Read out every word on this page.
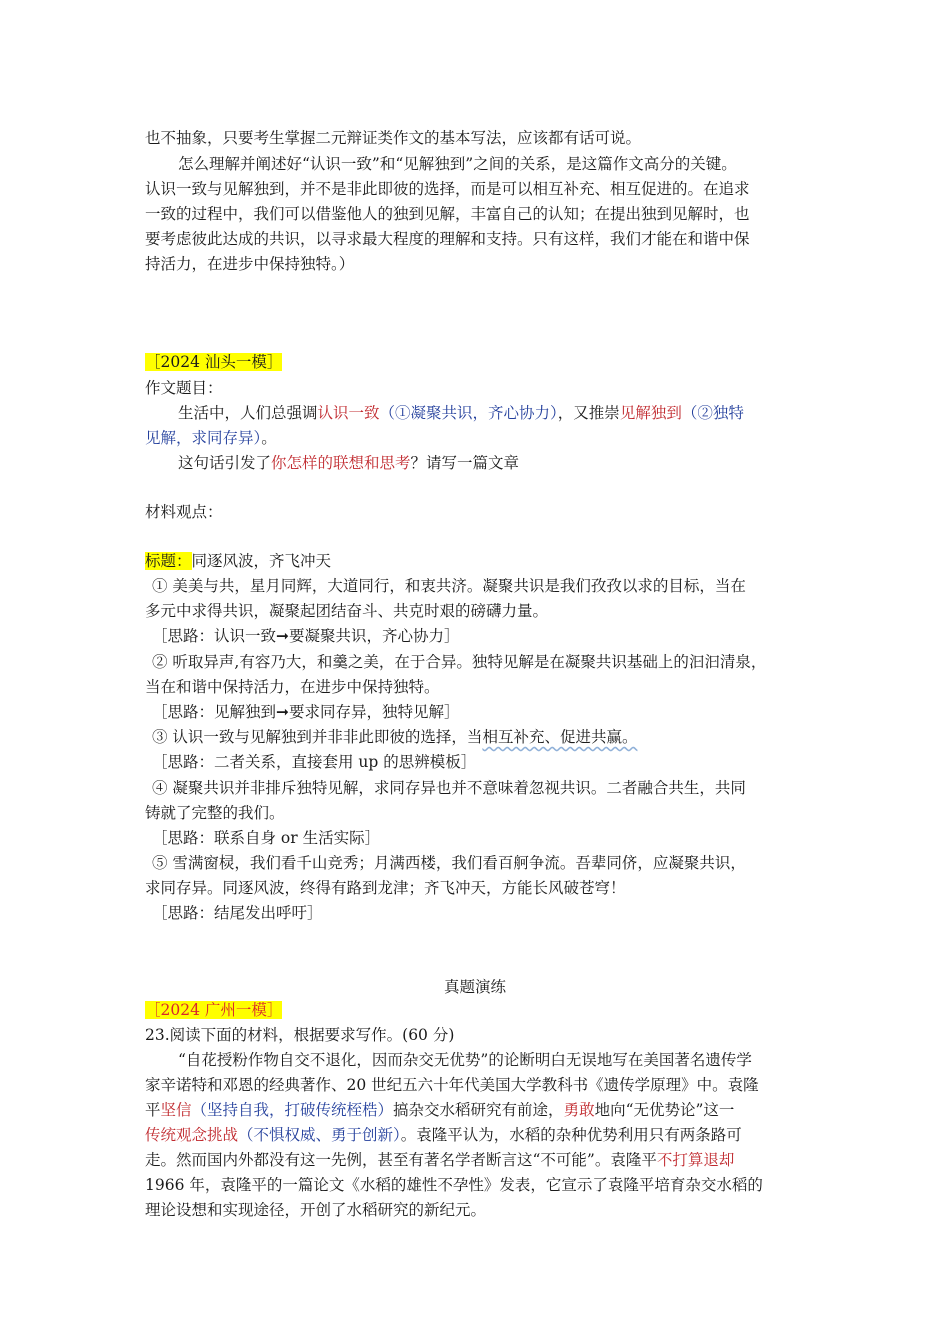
也不抽象，只要考生掌握二元辩证类作文的基本写法，应该都有话可说。
怎么理解并阐述好“认识一致”和“见解独到”之间的关系，是这篇作文高分的关键。
认识一致与见解独到，并不是非此即彼的选择，而是可以相互补充、相互促进的。在追求
一致的过程中，我们可以借鉴他人的独到见解，丰富自己的认知；在提出独到见解时，也
要考虑彼此达成的共识，以寻求最大程度的理解和支持。只有这样，我们才能在和谐中保
持活力，在进步中保持独特。）
［2024 汕头一模］
作文题目：
生活中，人们总强调认识一致（①凝聚共识，齐心协力），又推崇见解独到（②独特
见解，求同存异）。
这句话引发了你怎样的联想和思考？请写一篇文章
材料观点：
标题：同逐风波，齐飞冲天
① 美美与共，星月同辉，大道同行，和衷共济。凝聚共识是我们孜孜以求的目标，当在
多元中求得共识，凝聚起团结奋斗、共克时艰的磅礴力量。
［思路：认识一致➞要凝聚共识，齐心协力］
② 听取异声,有容乃大，和羹之美，在于合异。独特见解是在凝聚共识基础上的汩汩清泉，
当在和谐中保持活力，在进步中保持独特。
［思路：见解独到➞要求同存异，独特见解］
③ 认识一致与见解独到并非非此即彼的选择，当相互补充、促进共赢。
［思路：二者关系，直接套用 up 的思辨模板］
④ 凝聚共识并非排斥独特见解，求同存异也并不意味着忽视共识。二者融合共生，共同
铸就了完整的我们。
［思路：联系自身 or 生活实际］
⑤ 雪满窗棂，我们看千山竞秀；月满西楼，我们看百舸争流。吾辈同侪，应凝聚共识，
求同存异。同逐风波，终得有路到龙津；齐飞冲天，方能长风破苍穹！
［思路：结尾发出呼吁］
真题演练
［2024 广州一模］
23.阅读下面的材料，根据要求写作。(60 分)
“自花授粉作物自交不退化，因而杂交无优势”的论断明白无误地写在美国著名遗传学
家辛诺特和邓恩的经典著作、20 世纪五六十年代美国大学教科书《遗传学原理》中。袁隆
平坚信（坚持自我，打破传统桎梏）搞杂交水稻研究有前途，勇敢地向“无优势论”这一
传统观念挑战（不惧权威、勇于创新）。袁隆平认为，水稻的杂种优势利用只有两条路可
走。然而国内外都没有这一先例，甚至有著名学者断言这“不可能”。袁隆平不打算退却
1966 年，袁隆平的一篇论文《水稻的雄性不孕性》发表，它宣示了袁隆平培育杂交水稻的
理论设想和实现途径，开创了水稻研究的新纪元。
